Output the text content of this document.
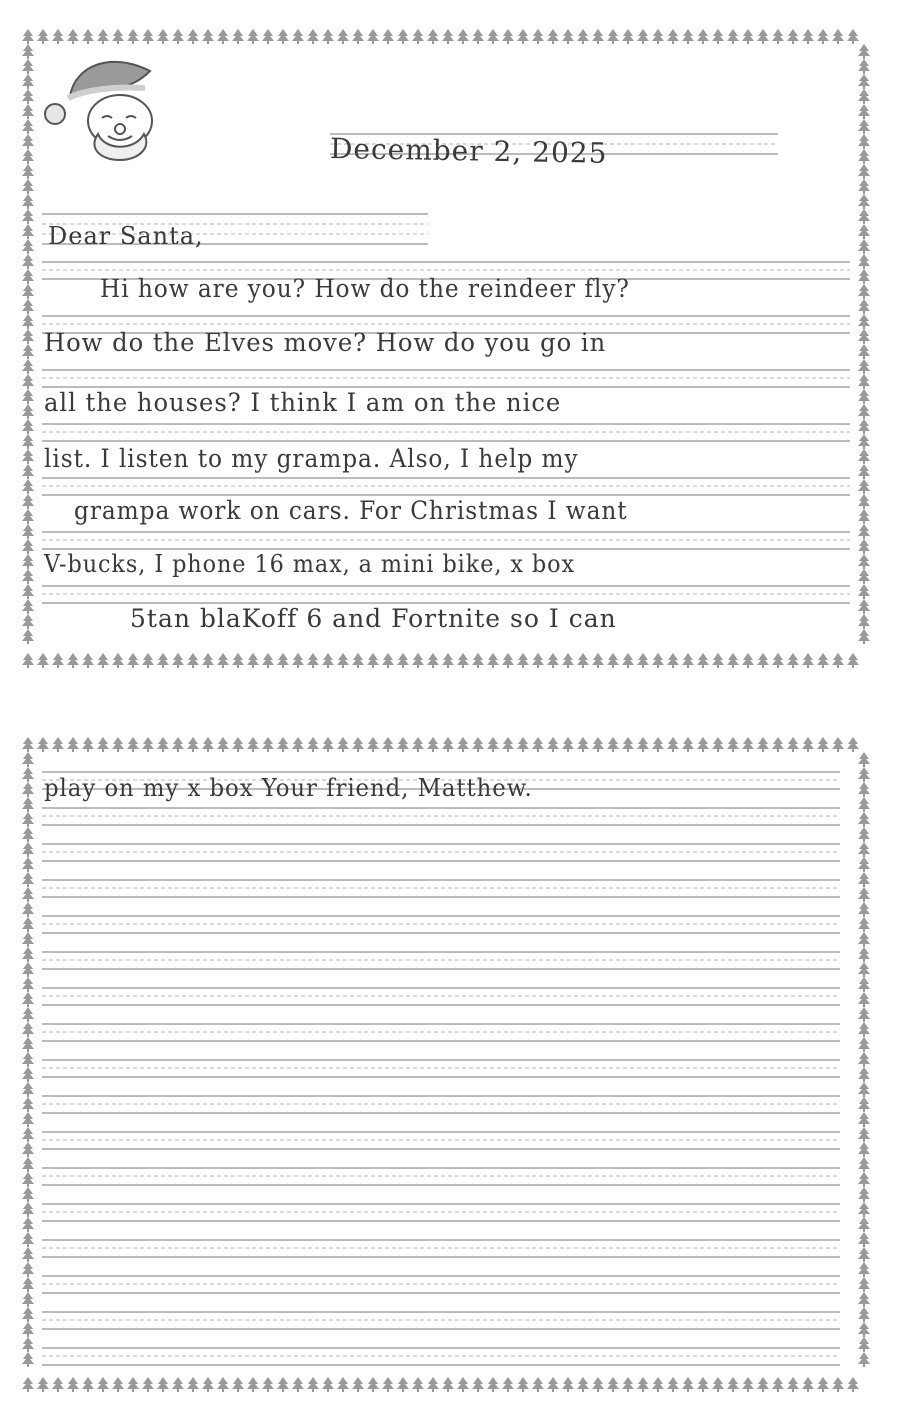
December 2, 2025
Dear Santa,
Hi how are you? How do the reindeer fly?
How do the Elves move? How do you go in
all the houses? I think I am on the nice
list. I listen to my grampa. Also, I help my
grampa work on cars. For Christmas I want
V-bucks, I phone 16 max, a mini bike, x box
5tan blaKoff 6 and Fortnite so I can
play on my x box Your friend, Matthew.
